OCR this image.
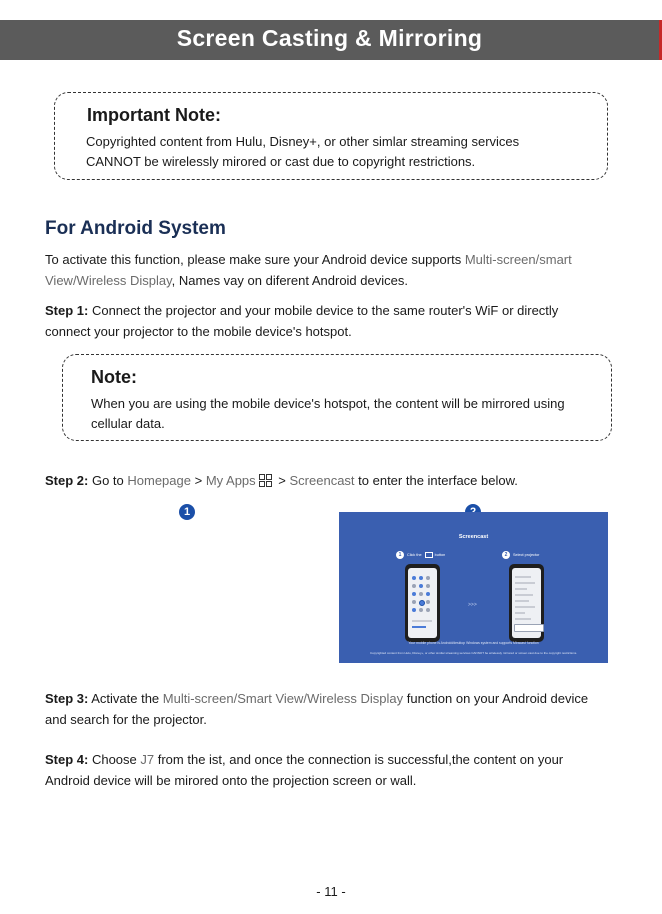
Screen Casting & Mirroring
Important Note:
Copyrighted content from Hulu, Disney+, or other simlar streaming services
CANNOT be wirelessly mirored or cast due to copyright restrictions.
For Android System
To activate this function, please make sure your Android device supports Multi-screen/smart
View/Wireless Display, Names vay on diferent Android devices.
Step 1: Connect the projector and your mobile device to the same router's WiF or directly
connect your projector to the mobile device's hotspot.
Note:
When you are using the mobile device's hotspot, the content will be mirrored using
cellular data.
Step 2: Go to Homepage > My Apps > Screencast to enter the interface below.
1
Screencast
1 Click the	button	2 Select projector
>>>
Your mobile phone is Android/desktop Windows system and supports Miracast function
Copyrighted content from Hulu, Disney+, or other similar streaming services CANNOT be wirelessly mirrored or screen cast due to the copyright restrictions.
Step 3: Activate the Multi-screen/Smart View/Wireless Display function on your Android device
and search for the projector.
Step 4: Choose J7 from the ist, and once the connection is successful,the content on your
Android device will be mirored onto the projection screen or wall.
- 11 -
